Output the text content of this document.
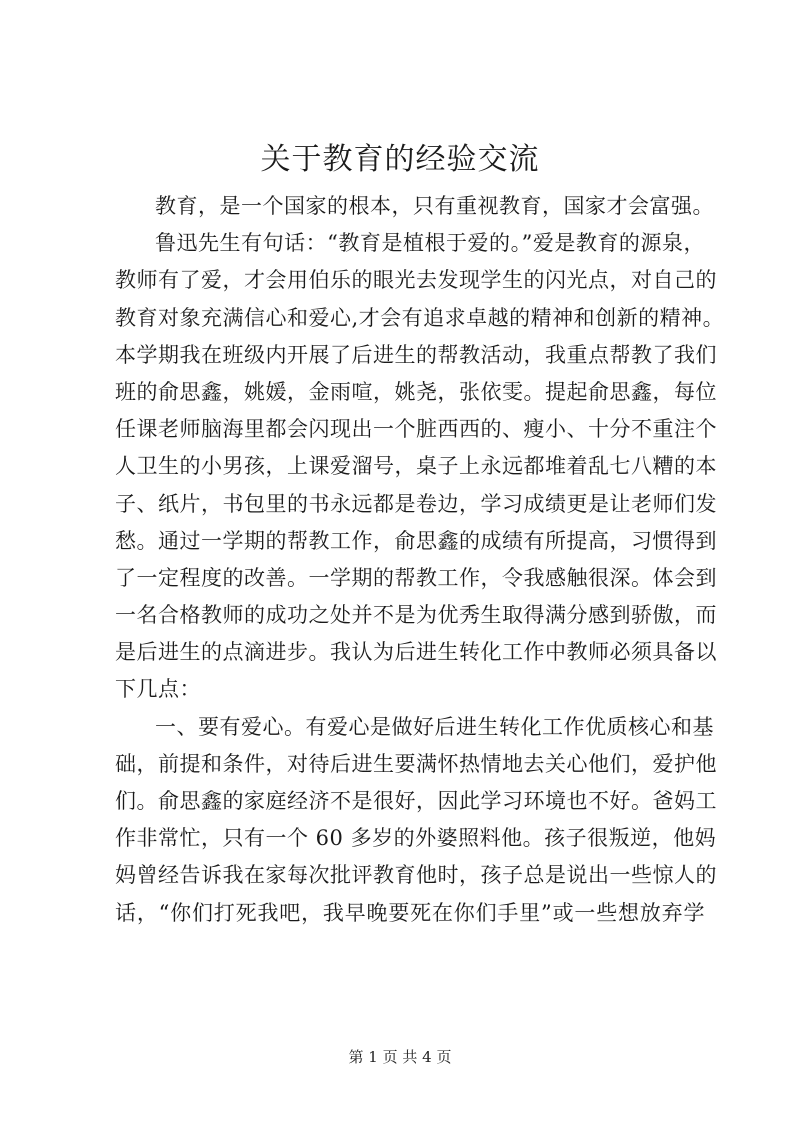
关于教育的经验交流
教育，是一个国家的根本，只有重视教育，国家才会富强。
鲁迅先生有句话：“教育是植根于爱的。”爱是教育的源泉，
教师有了爱，才会用伯乐的眼光去发现学生的闪光点，对自己的
教育对象充满信心和爱心,才会有追求卓越的精神和创新的精神。
本学期我在班级内开展了后进生的帮教活动，我重点帮教了我们
班的俞思鑫，姚媛，金雨喧，姚尧，张依雯。提起俞思鑫，每位
任课老师脑海里都会闪现出一个脏西西的、瘦小、十分不重注个
人卫生的小男孩，上课爱溜号，桌子上永远都堆着乱七八糟的本
子、纸片，书包里的书永远都是卷边，学习成绩更是让老师们发
愁。通过一学期的帮教工作，俞思鑫的成绩有所提高，习惯得到
了一定程度的改善。一学期的帮教工作，令我感触很深。体会到
一名合格教师的成功之处并不是为优秀生取得满分感到骄傲，而
是后进生的点滴进步。我认为后进生转化工作中教师必须具备以
下几点：
一、要有爱心。有爱心是做好后进生转化工作优质核心和基
础，前提和条件，对待后进生要满怀热情地去关心他们，爱护他
们。俞思鑫的家庭经济不是很好，因此学习环境也不好。爸妈工
作非常忙，只有一个 60 多岁的外婆照料他。孩子很叛逆，他妈
妈曾经告诉我在家每次批评教育他时，孩子总是说出一些惊人的
话，“你们打死我吧，我早晚要死在你们手里”或一些想放弃学
第 1 页 共 4 页
